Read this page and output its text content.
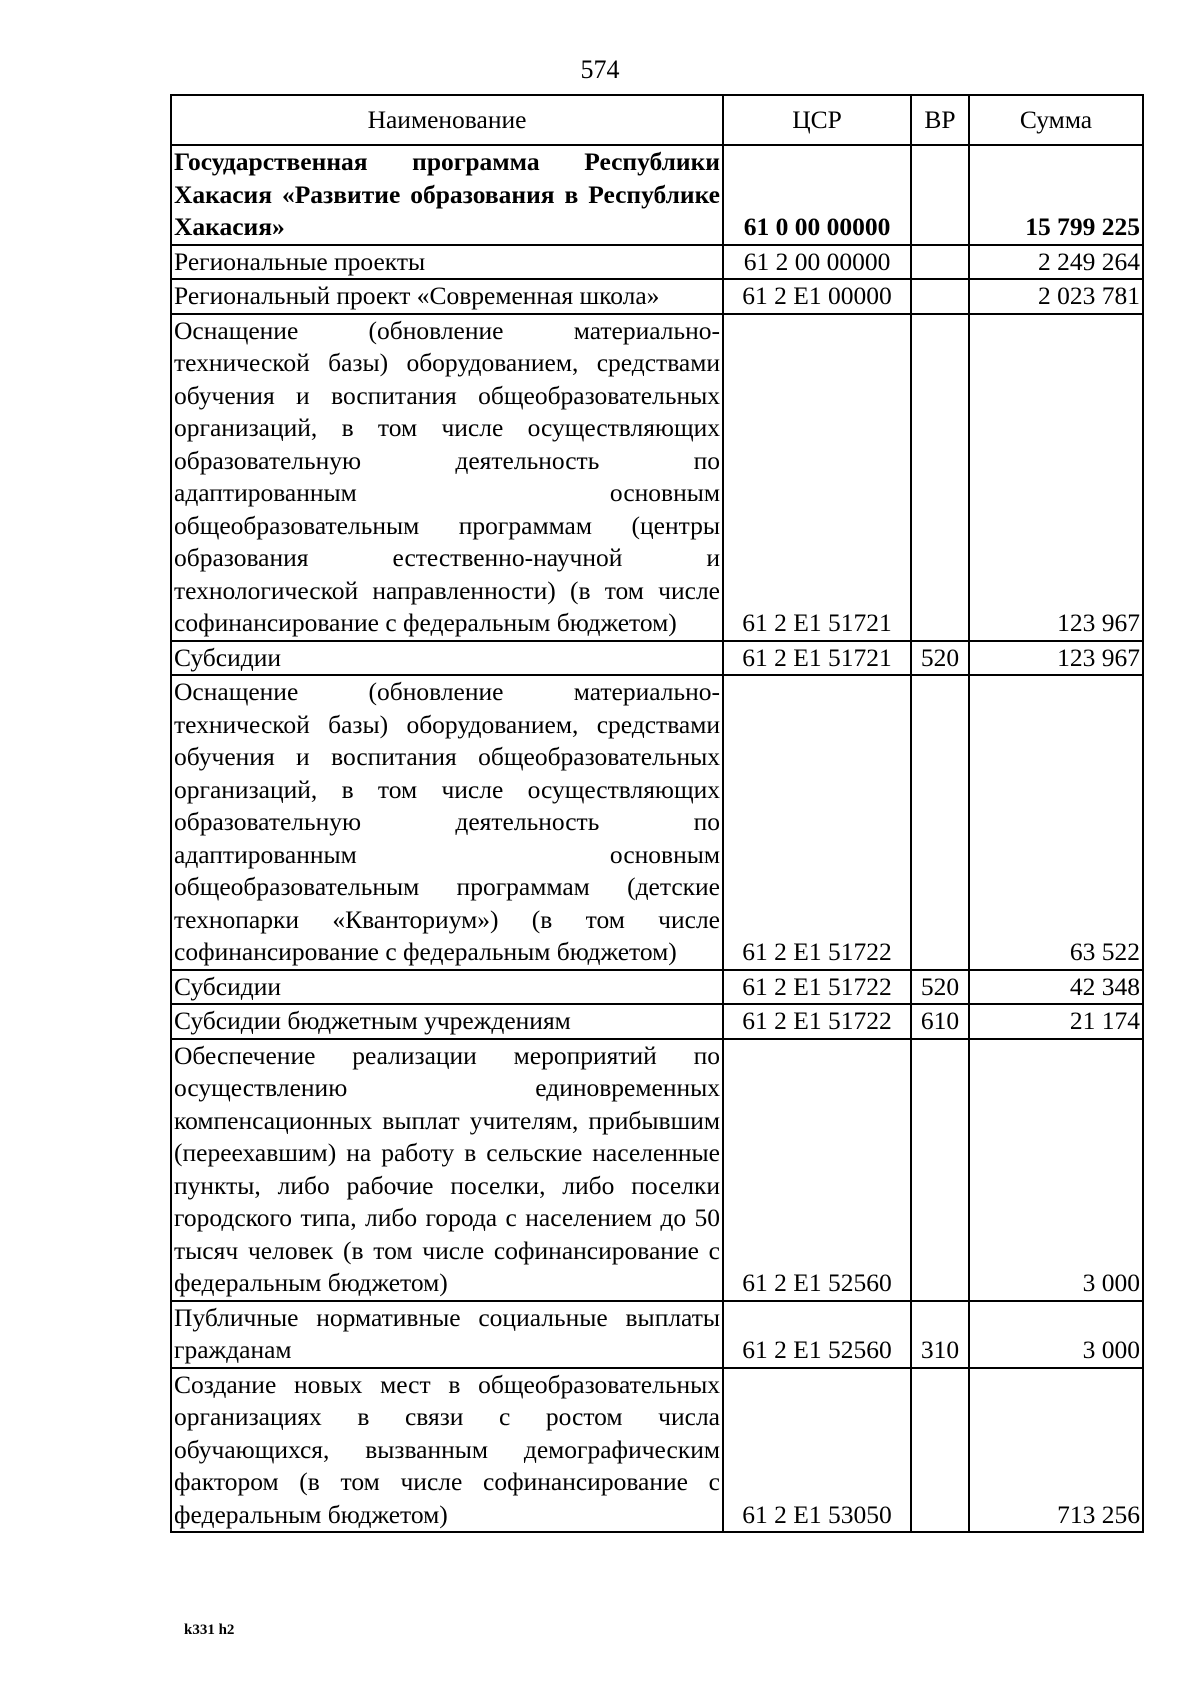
574
Наименование	ЦСР	ВР	Сумма
Государственная программа Республики Хакасия «Развитие образования в Республике Хакасия»	61 0 00 00000		15 799 225
Региональные проекты	61 2 00 00000		2 249 264
Региональный проект «Современная школа»	61 2 E1 00000		2 023 781
Оснащение (обновление материально-технической базы) оборудованием, средствами обучения и воспитания общеобразовательных организаций, в том числе осуществляющих образовательную деятельность по адаптированным основным общеобразовательным программам (центры образования естественно-научной и технологической направленности) (в том числе софинансирование с федеральным бюджетом)	61 2 E1 51721		123 967
Субсидии	61 2 E1 51721	520	123 967
Оснащение (обновление материально-технической базы) оборудованием, средствами обучения и воспитания общеобразовательных организаций, в том числе осуществляющих образовательную деятельность по адаптированным основным общеобразовательным программам (детские технопарки «Кванториум») (в том числе софинансирование с федеральным бюджетом)	61 2 E1 51722		63 522
Субсидии	61 2 E1 51722	520	42 348
Субсидии бюджетным учреждениям	61 2 E1 51722	610	21 174
Обеспечение реализации мероприятий по осуществлению единовременных компенсационных выплат учителям, прибывшим (переехавшим) на работу в сельские населенные пункты, либо рабочие поселки, либо поселки городского типа, либо города с населением до 50 тысяч человек (в том числе софинансирование с федеральным бюджетом)	61 2 E1 52560		3 000
Публичные нормативные социальные выплаты гражданам	61 2 E1 52560	310	3 000
Создание новых мест в общеобразовательных организациях в связи с ростом числа обучающихся, вызванным демографическим фактором (в том числе софинансирование с федеральным бюджетом)	61 2 E1 53050		713 256
k331 h2
